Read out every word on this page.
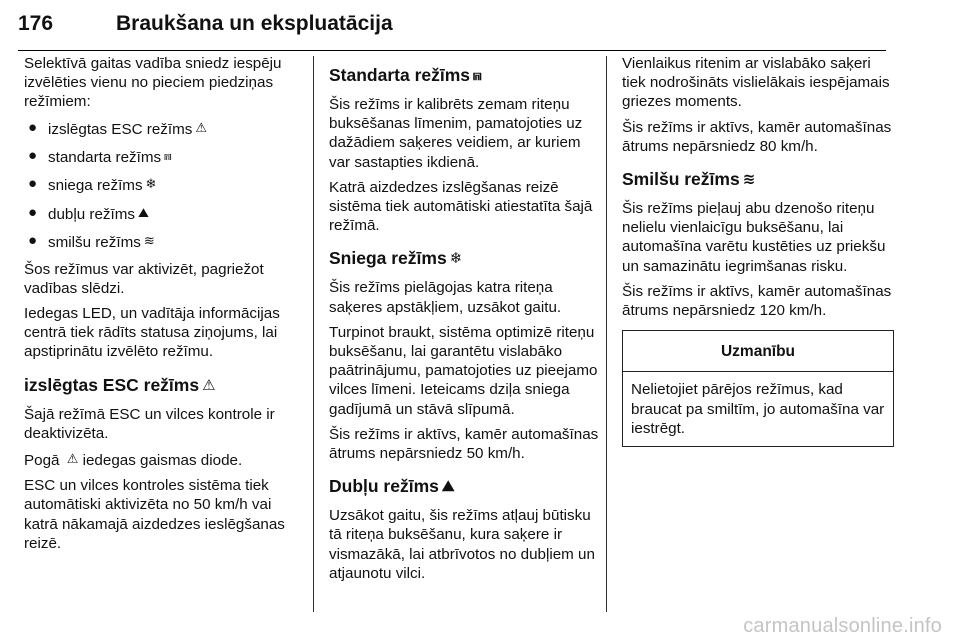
176	Braukšana un ekspluatācija

Selektīvā gaitas vadība sniedz iespēju izvēlēties vienu no pieciem piedziņas režīmiem:

● izslēgtas ESC režīms ⚠
● standarta režīms ⩎
● sniega režīms ❄
● dubļu režīms ⛰
● smilšu režīms ≋

Šos režīmus var aktivizēt, pagriežot vadības slēdzi.

Iedegas LED, un vadītāja informācijas centrā tiek rādīts statusa ziņojums, lai apstiprinātu izvēlēto režīmu.

izslēgtas ESC režīms ⚠

Šajā režīmā ESC un vilces kontrole ir deaktivizēta.

Pogā ⚠ iedegas gaismas diode.

ESC un vilces kontroles sistēma tiek automātiski aktivizēta no 50 km/h vai katrā nākamajā aizdedzes ieslēgšanas reizē.

Standarta režīms ⩎

Šis režīms ir kalibrēts zemam riteņu buksēšanas līmenim, pamatojoties uz dažādiem saķeres veidiem, ar kuriem var sastapties ikdienā.

Katrā aizdedzes izslēgšanas reizē sistēma tiek automātiski atiestatīta šajā režīmā.

Sniega režīms ❄

Šis režīms pielāgojas katra riteņa saķeres apstākļiem, uzsākot gaitu.

Turpinot braukt, sistēma optimizē riteņu buksēšanu, lai garantētu vislabāko paātrinājumu, pamatojoties uz pieejamo vilces līmeni. Ieteicams dziļa sniega gadījumā un stāvā slīpumā.

Šis režīms ir aktīvs, kamēr automašīnas ātrums nepārsniedz 50 km/h.

Dubļu režīms ⛰

Uzsākot gaitu, šis režīms atļauj būtisku tā riteņa buksēšanu, kura saķere ir vismazākā, lai atbrīvotos no dubļiem un atjaunotu vilci.

Vienlaikus ritenim ar vislabāko saķeri tiek nodrošināts vislielākais iespējamais griezes moments.

Šis režīms ir aktīvs, kamēr automašīnas ātrums nepārsniedz 80 km/h.

Smilšu režīms ≋

Šis režīms pieļauj abu dzenošo riteņu nelielu vienlaicīgu buksēšanu, lai automašīna varētu kustēties uz priekšu un samazinātu iegrimšanas risku.

Šis režīms ir aktīvs, kamēr automašīnas ātrums nepārsniedz 120 km/h.

Uzmanību
Nelietojiet pārējos režīmus, kad braucat pa smiltīm, jo automašīna var iestrēgt.
carmanualsonline.info
